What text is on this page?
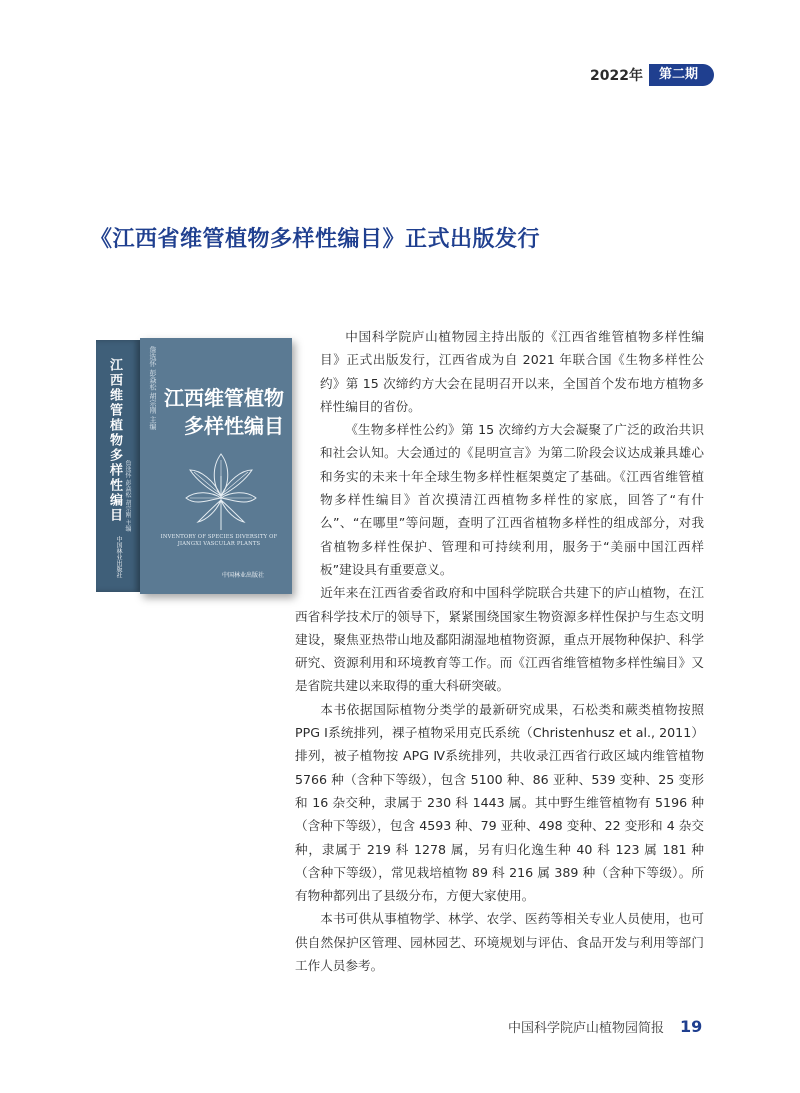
2022年	第二期
《江西省维管植物多样性编目》正式出版发行
江西维管植物多样性编目 詹选怀 彭焱松 胡宗刚 主编
中国林业出版社
詹选怀 彭焱松 胡宗刚 主编 江西维管植物
多样性编目
INVENTORY OF SPECIES DIVERSITY OF JIANGXI VASCULAR PLANTS
中国林业出版社

中国科学院庐山植物园主持出版的《江西省维管植物多样性编目》正式出版发行，江西省成为自 2021 年联合国《生物多样性公约》第 15 次缔约方大会在昆明召开以来，全国首个发布地方植物多样性编目的省份。

《生物多样性公约》第 15 次缔约方大会凝聚了广泛的政治共识和社会认知。大会通过的《昆明宣言》为第二阶段会议达成兼具雄心和务实的未来十年全球生物多样性框架奠定了基础。《江西省维管植物多样性编目》首次摸清江西植物多样性的家底，回答了“有什么”、“在哪里”等问题，查明了江西省植物多样性的组成部分，对我省植物多样性保护、管理和可持续利用，服务于“美丽中国江西样板”建设具有重要意义。

近年来在江西省委省政府和中国科学院联合共建下的庐山植物，在江西省科学技术厅的领导下，紧紧围绕国家生物资源多样性保护与生态文明建设，聚焦亚热带山地及鄱阳湖湿地植物资源，重点开展物种保护、科学研究、资源利用和环境教育等工作。而《江西省维管植物多样性编目》又是省院共建以来取得的重大科研突破。

本书依据国际植物分类学的最新研究成果，石松类和蕨类植物按照 PPG Ⅰ系统排列，裸子植物采用克氏系统（Christenhusz et al., 2011）排列，被子植物按 APG Ⅳ系统排列，共收录江西省行政区域内维管植物 5766 种（含种下等级），包含 5100 种、86 亚种、539 变种、25 变形和 16 杂交种，隶属于 230 科 1443 属。其中野生维管植物有 5196 种（含种下等级），包含 4593 种、79 亚种、498 变种、22 变形和 4 杂交种，隶属于 219 科 1278 属，另有归化逸生种 40 科 123 属 181 种（含种下等级），常见栽培植物 89 科 216 属 389 种（含种下等级）。所有物种都列出了县级分布，方便大家使用。

本书可供从事植物学、林学、农学、医药等相关专业人员使用，也可供自然保护区管理、园林园艺、环境规划与评估、食品开发与利用等部门工作人员参考。

中国科学院庐山植物园简报 19
